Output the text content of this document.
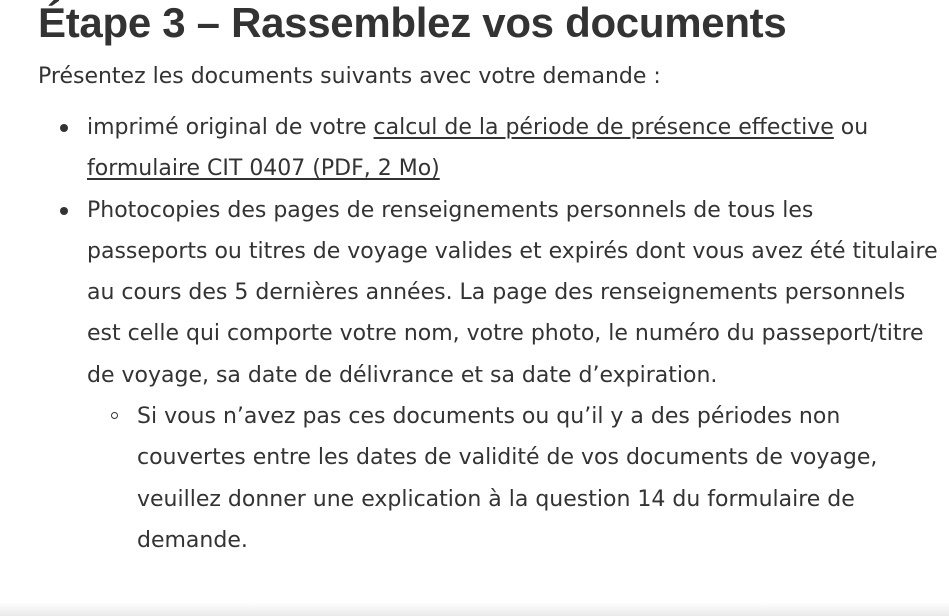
Étape 3 – Rassemblez vos documents

Présentez les documents suivants avec votre demande :

imprimé original de votre calcul de la période de présence effective ou formulaire CIT 0407 (PDF, 2 Mo)
Photocopies des pages de renseignements personnels de tous les passeports ou titres de voyage valides et expirés dont vous avez été titulaire au cours des 5 dernières années. La page des renseignements personnels est celle qui comporte votre nom, votre photo, le numéro du passeport/titre de voyage, sa date de délivrance et sa date d’expiration.
Si vous n’avez pas ces documents ou qu’il y a des périodes non couvertes entre les dates de validité de vos documents de voyage, veuillez donner une explication à la question 14 du formulaire de demande.
